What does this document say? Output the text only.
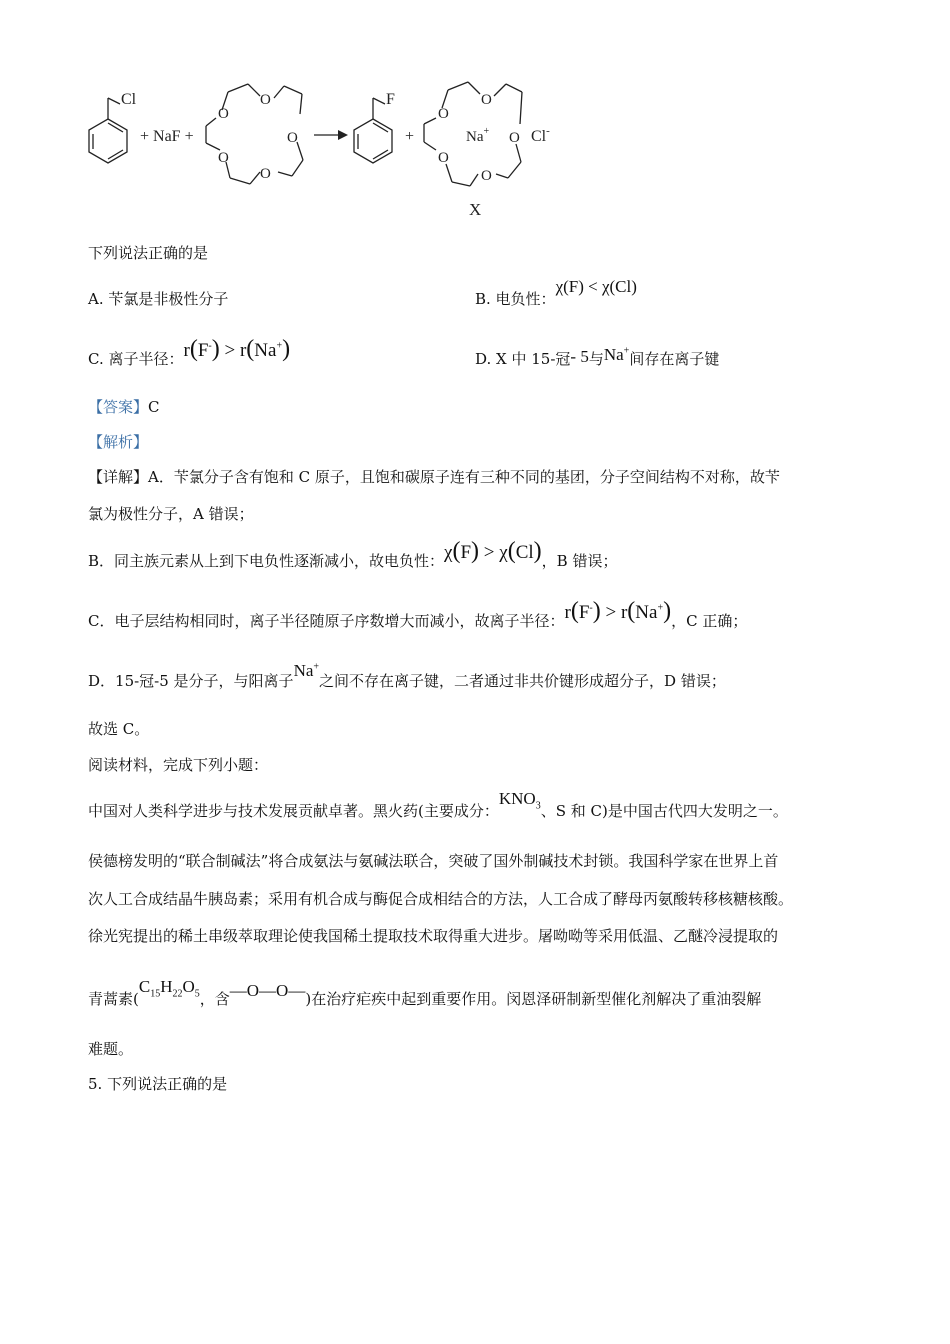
Cl
+ NaF +
O
O
O
O
O
F
+
O
O
O
O
O
Na+	Cl-
X
下列说法正确的是
A. 苄氯是非极性分子	B. 电负性：χ(F) < χ(Cl)
C. 离子半径：r(F-) > r(Na+)	D. X 中 15-冠- 5与Na+间存在离子键
【答案】C
【解析】
【详解】A．苄氯分子含有饱和 C 原子，且饱和碳原子连有三种不同的基团，分子空间结构不对称，故苄
氯为极性分子，A 错误；
B．同主族元素从上到下电负性逐渐减小，故电负性：χ(F) > χ(Cl)，B 错误；
C．电子层结构相同时，离子半径随原子序数增大而减小，故离子半径：r(F-) > r(Na+)，C 正确；
D．15-冠-5 是分子，与阳离子Na+之间不存在离子键，二者通过非共价键形成超分子，D 错误；
故选 C。
阅读材料，完成下列小题：
中国对人类科学进步与技术发展贡献卓著。黑火药(主要成分：$KNO_3$、S 和 C)是中国古代四大发明之一。
侯德榜发明的“联合制碱法”将合成氨法与氨碱法联合，突破了国外制碱技术封锁。我国科学家在世界上首
次人工合成结晶牛胰岛素；采用有机合成与酶促合成相结合的方法，人工合成了酵母丙氨酸转移核糖核酸。
徐光宪提出的稀土串级萃取理论使我国稀土提取技术取得重大进步。屠呦呦等采用低温、乙醚冷浸提取的
青蒿素($C_{15}H_{22}O_5$，含—O—O—)在治疗疟疾中起到重要作用。闵恩泽研制新型催化剂解决了重油裂解
难题。
5. 下列说法正确的是
